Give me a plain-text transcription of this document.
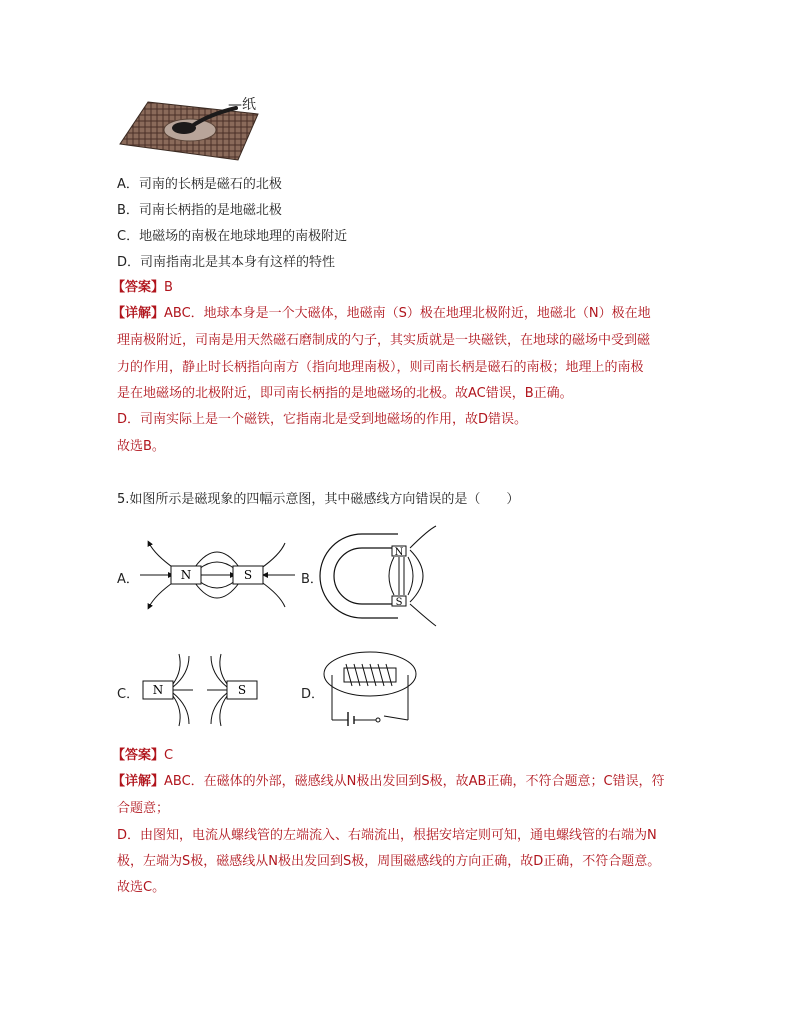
—纸
A．司南的长柄是磁石的北极
B．司南长柄指的是地磁北极
C．地磁场的南极在地球地理的南极附近
D．司南指南北是其本身有这样的特性
【答案】B
【详解】ABC．地球本身是一个大磁体，地磁南（S）极在地理北极附近，地磁北（N）极在地
理南极附近，司南是用天然磁石磨制成的勺子，其实质就是一块磁铁，在地球的磁场中受到磁
力的作用，静止时长柄指向南方（指向地理南极），则司南长柄是磁石的南极；地理上的南极
是在地磁场的北极附近，即司南长柄指的是地磁场的北极。故AC错误，B正确。
D．司南实际上是一个磁铁，它指南北是受到地磁场的作用，故D错误。
故选B。
5.如图所示是磁现象的四幅示意图，其中磁感线方向错误的是（　　）
A．	B．
C．	D．
N	S
N
S
N	S
【答案】C
【详解】ABC．在磁体的外部，磁感线从N极出发回到S极，故AB正确，不符合题意；C错误，符
合题意；
D．由图知，电流从螺线管的左端流入、右端流出，根据安培定则可知，通电螺线管的右端为N
极，左端为S极，磁感线从N极出发回到S极，周围磁感线的方向正确，故D正确，不符合题意。
故选C。
